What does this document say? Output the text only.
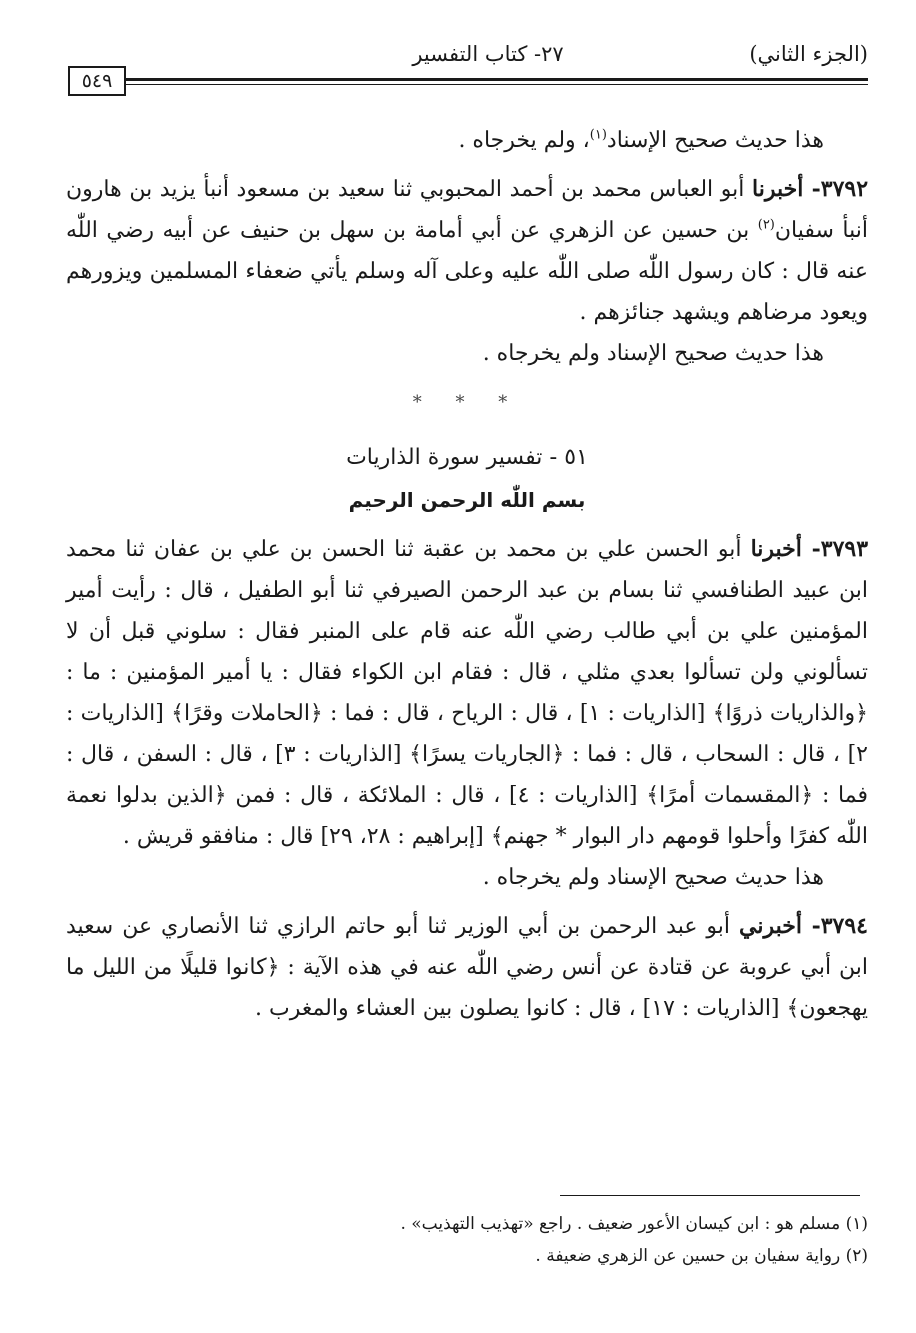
(الجزء الثاني)
٢٧- كتاب التفسير
٥٤٩

هذا حديث صحيح الإسناد$^{(١)}$، ولم يخرجاه .

٣٧٩٢- أخبرنا أبو العباس محمد بن أحمد المحبوبي ثنا سعيد بن مسعود أنبأ يزيد بن هارون أنبأ سفيان$^{(٢)}$ بن حسين عن الزهري عن أبي أمامة بن سهل بن حنيف عن أبيه رضي اللّٰه عنه قال : كان رسول اللّٰه صلى اللّٰه عليه وعلى آله وسلم يأتي ضعفاء المسلمين ويزورهم ويعود مرضاهم ويشهد جنائزهم .

هذا حديث صحيح الإسناد ولم يخرجاه .

* * *

٥١ - تفسير سورة الذاريات

بسم اللّٰه الرحمن الرحيم

٣٧٩٣- أخبرنا أبو الحسن علي بن محمد بن عقبة ثنا الحسن بن علي بن عفان ثنا محمد ابن عبيد الطنافسي ثنا بسام بن عبد الرحمن الصيرفي ثنا أبو الطفيل ، قال : رأيت أمير المؤمنين علي بن أبي طالب رضي اللّٰه عنه قام على المنبر فقال : سلوني قبل أن لا تسألوني ولن تسألوا بعدي مثلي ، قال : فقام ابن الكواء فقال : يا أمير المؤمنين : ما : ﴿والذاريات ذروًا﴾ [الذاريات : ١] ، قال : الرياح ، قال : فما : ﴿الحاملات وقرًا﴾ [الذاريات : ٢] ، قال : السحاب ، قال : فما : ﴿الجاريات يسرًا﴾ [الذاريات : ٣] ، قال : السفن ، قال : فما : ﴿المقسمات أمرًا﴾ [الذاريات : ٤] ، قال : الملائكة ، قال : فمن ﴿الذين بدلوا نعمة اللّٰه كفرًا وأحلوا قومهم دار البوار * جهنم﴾ [إبراهيم : ٢٨، ٢٩] قال : منافقو قريش .

هذا حديث صحيح الإسناد ولم يخرجاه .

٣٧٩٤- أخبرني أبو عبد الرحمن بن أبي الوزير ثنا أبو حاتم الرازي ثنا الأنصاري عن سعيد ابن أبي عروبة عن قتادة عن أنس رضي اللّٰه عنه في هذه الآية : ﴿كانوا قليلًا من الليل ما يهجعون﴾ [الذاريات : ١٧] ، قال : كانوا يصلون بين العشاء والمغرب .

(١) مسلم هو : ابن كيسان الأعور ضعيف . راجع «تهذيب التهذيب» .

(٢) رواية سفيان بن حسين عن الزهري ضعيفة .
